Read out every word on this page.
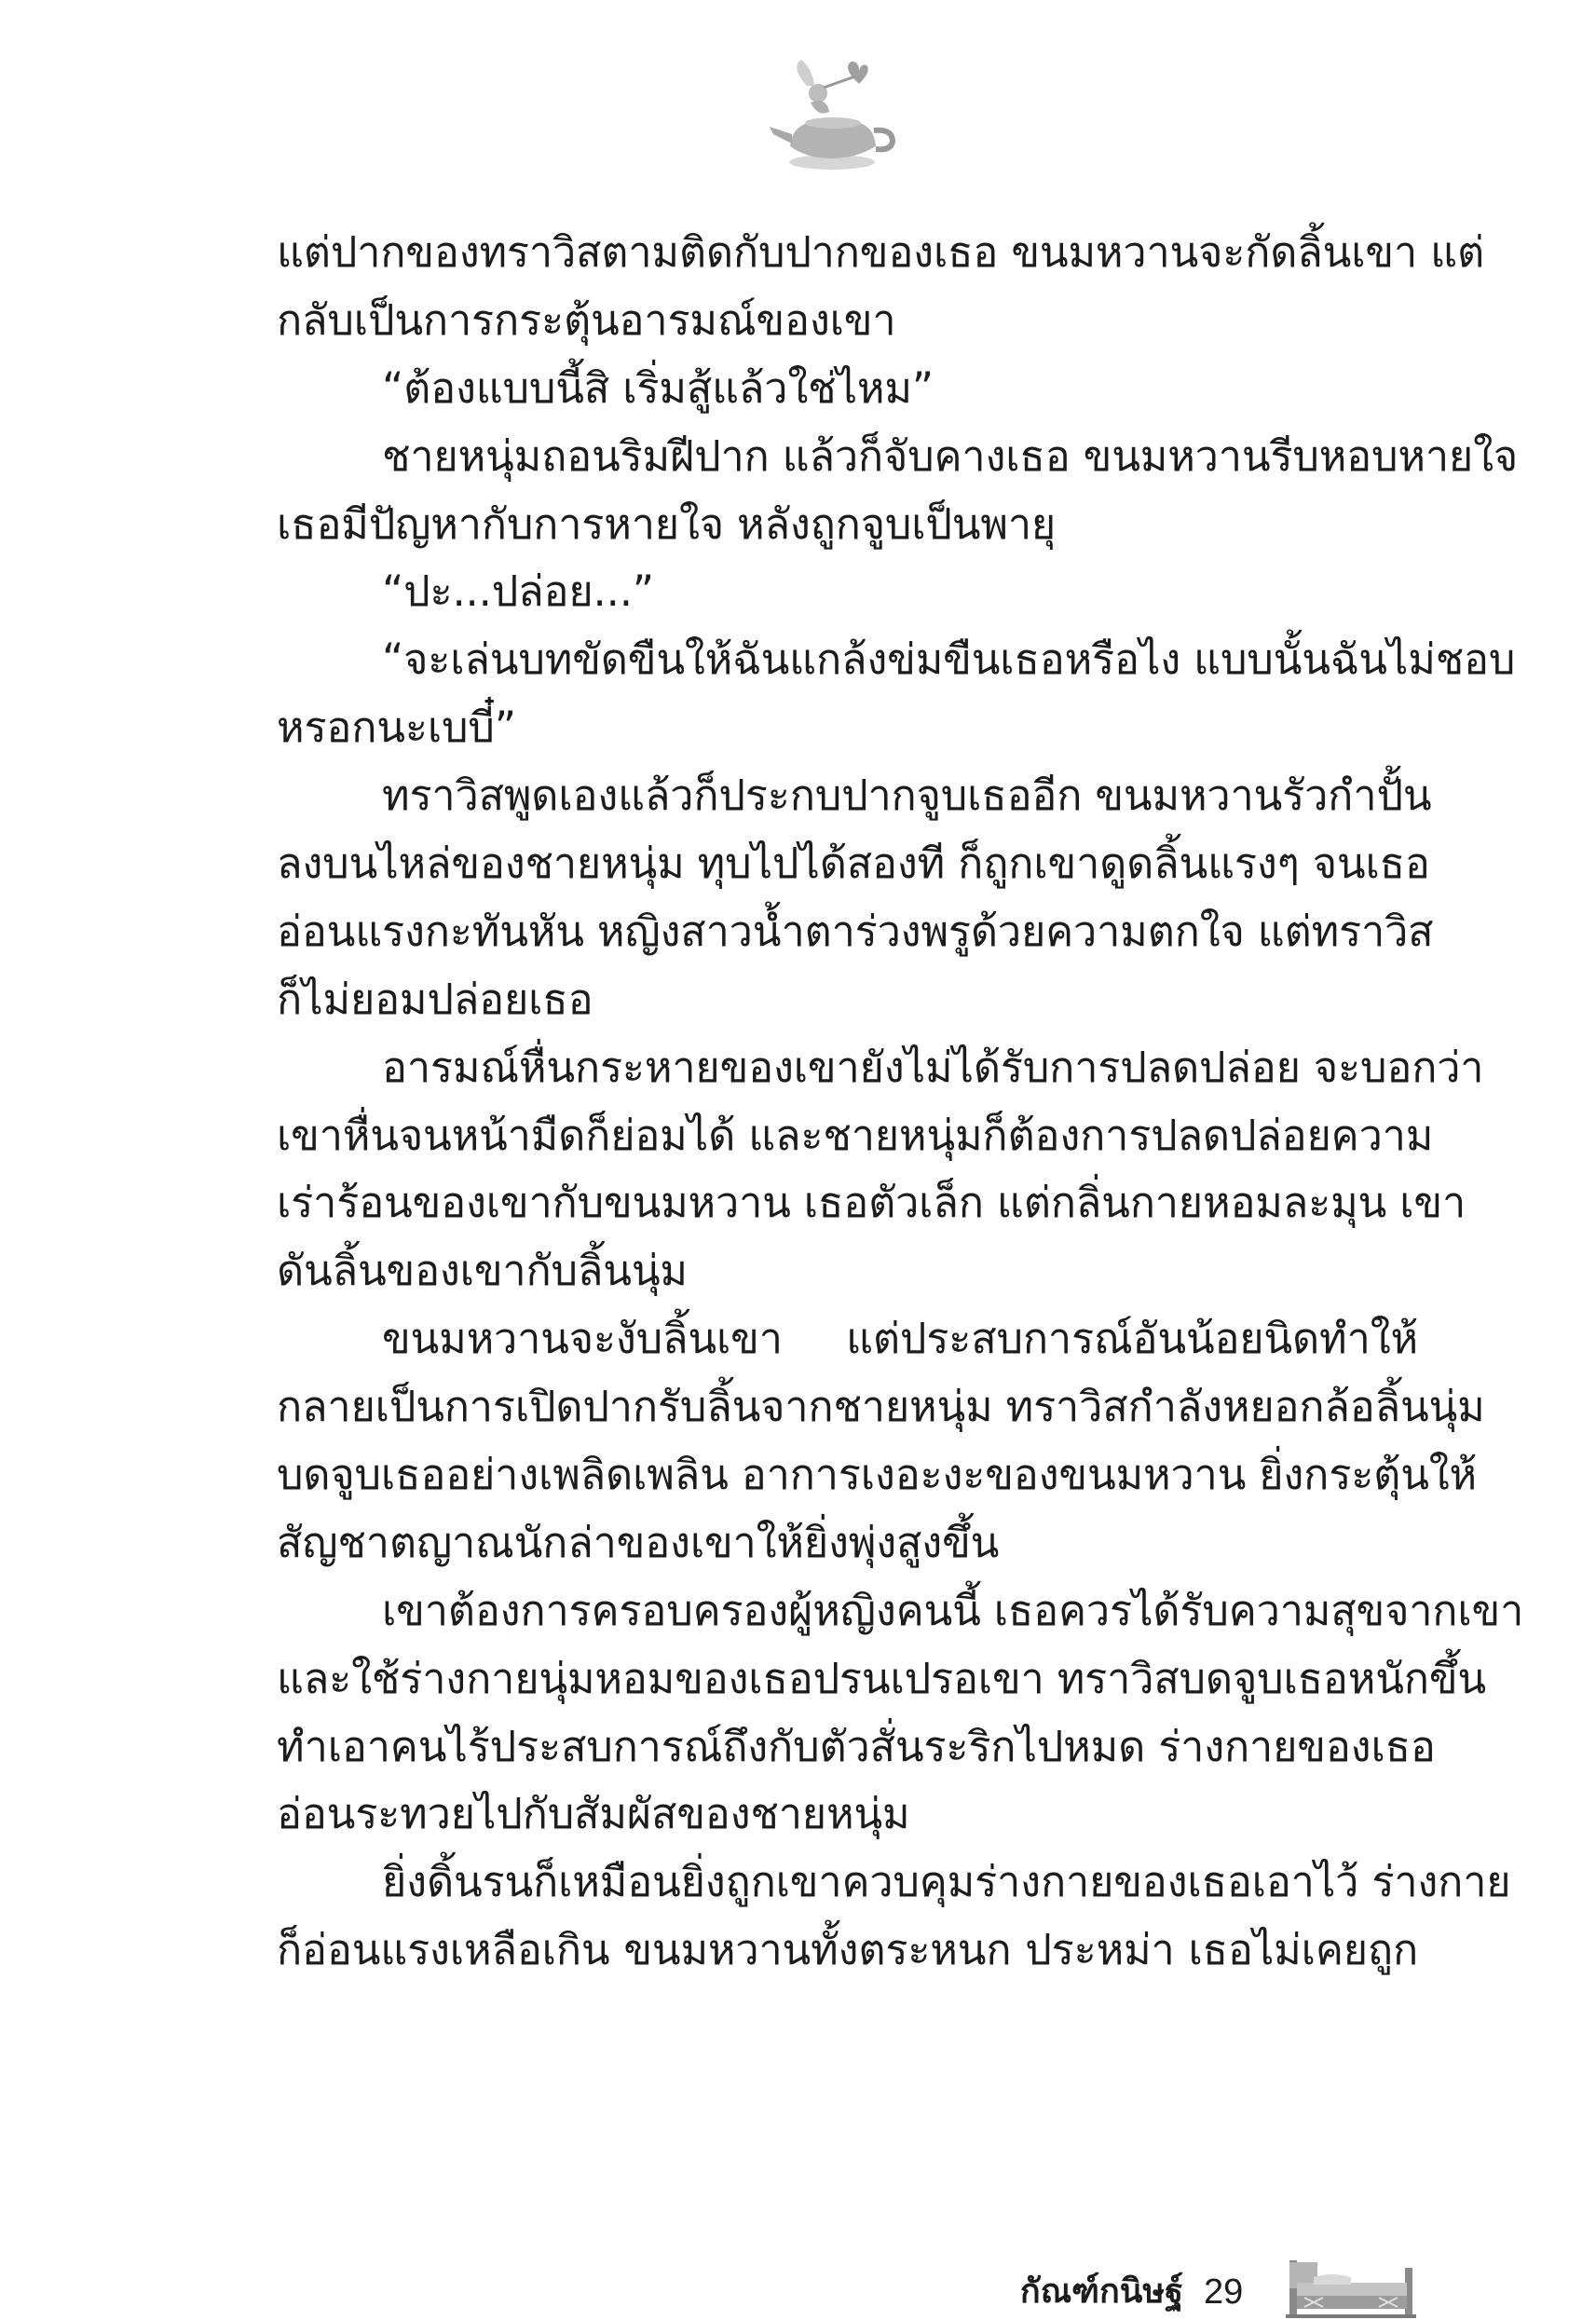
แต่ปากของทราวิสตามติดกับปากของเธอ ขนมหวานจะกัดลิ้นเขา แต่
กลับเป็นการกระตุ้นอารมณ์ของเขา
“ต้องแบบนี้สิ เริ่มสู้แล้วใช่ไหม”
ชายหนุ่มถอนริมฝีปาก แล้วก็จับคางเธอ ขนมหวานรีบหอบหายใจ
เธอมีปัญหากับการหายใจ หลังถูกจูบเป็นพายุ
“ปะ...ปล่อย...”
“จะเล่นบทขัดขืนให้ฉันแกล้งข่มขืนเธอหรือไง แบบนั้นฉันไม่ชอบ
หรอกนะเบบี๋”
ทราวิสพูดเองแล้วก็ประกบปากจูบเธออีก ขนมหวานรัวกำปั้น
ลงบนไหล่ของชายหนุ่ม ทุบไปได้สองที ก็ถูกเขาดูดลิ้นแรงๆ จนเธอ
อ่อนแรงกะทันหัน หญิงสาวน้ำตาร่วงพรูด้วยความตกใจ แต่ทราวิส
ก็ไม่ยอมปล่อยเธอ
อารมณ์หื่นกระหายของเขายังไม่ได้รับการปลดปล่อย จะบอกว่า
เขาหื่นจนหน้ามืดก็ย่อมได้ และชายหนุ่มก็ต้องการปลดปล่อยความ
เร่าร้อนของเขากับขนมหวาน เธอตัวเล็ก แต่กลิ่นกายหอมละมุน เขา
ดันลิ้นของเขากับลิ้นนุ่ม
ขนมหวานจะงับลิ้นเขา แต่ประสบการณ์อันน้อยนิดทำให้
กลายเป็นการเปิดปากรับลิ้นจากชายหนุ่ม ทราวิสกำลังหยอกล้อลิ้นนุ่ม
บดจูบเธออย่างเพลิดเพลิน อาการเงอะงะของขนมหวาน ยิ่งกระตุ้นให้
สัญชาตญาณนักล่าของเขาให้ยิ่งพุ่งสูงขึ้น
เขาต้องการครอบครองผู้หญิงคนนี้ เธอควรได้รับความสุขจากเขา
และใช้ร่างกายนุ่มหอมของเธอปรนเปรอเขา ทราวิสบดจูบเธอหนักขึ้น
ทำเอาคนไร้ประสบการณ์ถึงกับตัวสั่นระริกไปหมด ร่างกายของเธอ
อ่อนระทวยไปกับสัมผัสของชายหนุ่ม
ยิ่งดิ้นรนก็เหมือนยิ่งถูกเขาควบคุมร่างกายของเธอเอาไว้ ร่างกาย
ก็อ่อนแรงเหลือเกิน ขนมหวานทั้งตระหนก ประหม่า เธอไม่เคยถูก
กัณฑ์กนิษฐ์ 29
